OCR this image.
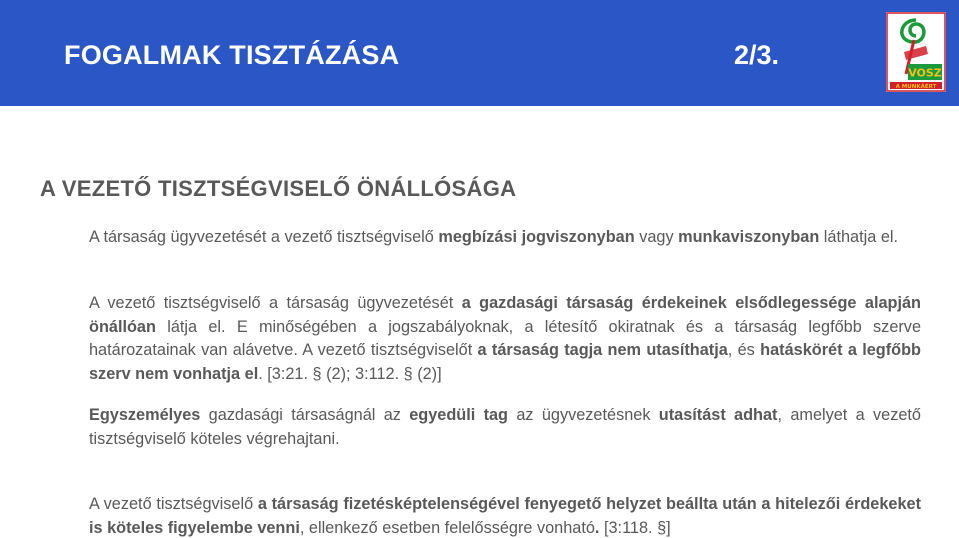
FOGALMAK TISZTÁZÁSA	2/3.
VOSZ
A MUNKÁÉRT
A VEZETŐ TISZTSÉGVISELŐ ÖNÁLLÓSÁGA
A társaság ügyvezetését a vezető tisztségviselő megbízási jogviszonyban vagy munkaviszonyban láthatja el.
A vezető tisztségviselő a társaság ügyvezetését a gazdasági társaság érdekeinek elsődlegessége alapján önállóan látja el. E minőségében a jogszabályoknak, a létesítő okiratnak és a társaság legfőbb szerve határozatainak van alávetve. A vezető tisztségviselőt a társaság tagja nem utasíthatja, és hatáskörét a legfőbb szerv nem vonhatja el. [3:21. § (2); 3:112. § (2)]
Egyszemélyes gazdasági társaságnál az egyedüli tag az ügyvezetésnek utasítást adhat, amelyet a vezető tisztségviselő köteles végrehajtani.
A vezető tisztségviselő a társaság fizetésképtelenségével fenyegető helyzet beállta után a hitelezői érdekeket is köteles figyelembe venni, ellenkező esetben felelősségre vonható. [3:118. §]
